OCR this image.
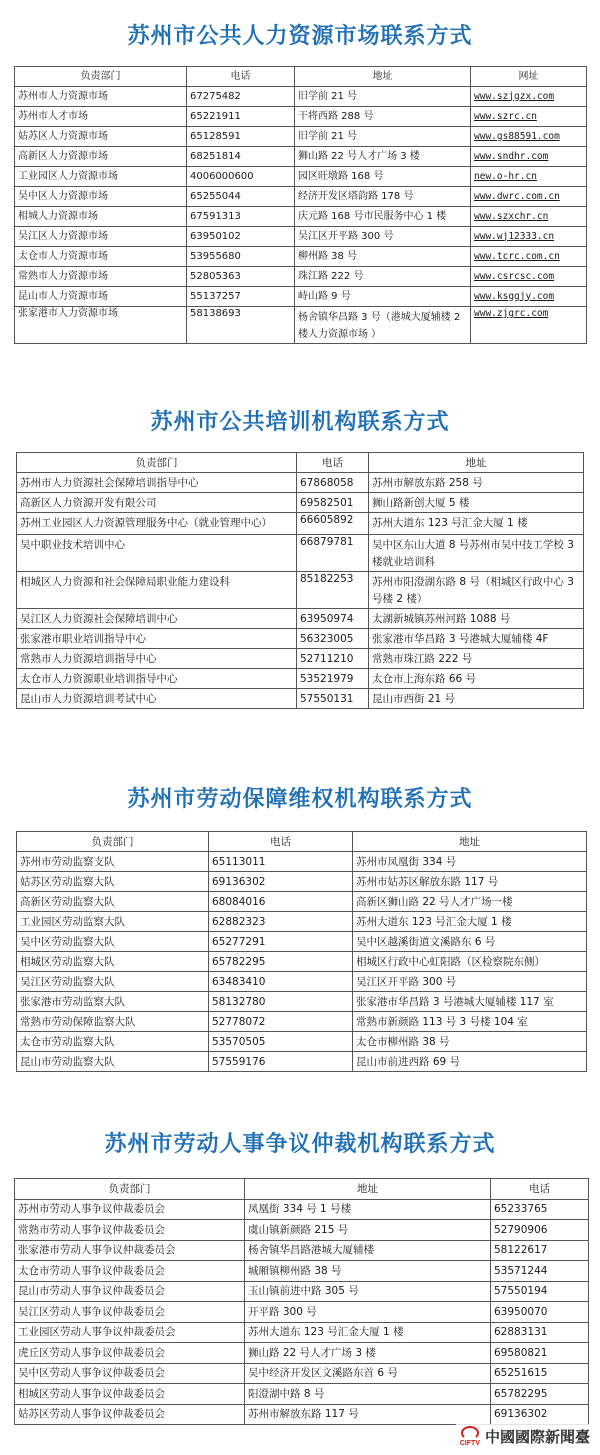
苏州市公共人力资源市场联系方式
负责部门	电话	地址	网址
苏州市人力资源市场	67275482	旧学前 21 号	www.szjgzx.com
苏州市人才市场	65221911	干将西路 288 号	www.szrc.cn
姑苏区人力资源市场	65128591	旧学前 21 号	www.gs88591.com
高新区人力资源市场	68251814	狮山路 22 号人才广场 3 楼	www.sndhr.com
工业园区人力资源市场	4006000600	园区旺墩路 168 号	new.o-hr.cn
吴中区人力资源市场	65255044	经济开发区塔韵路 178 号	www.dwrc.com.cn
相城人力资源市场	67591313	庆元路 168 号市民服务中心 1 楼	www.szxchr.cn
吴江区人力资源市场	63950102	吴江区开平路 300 号	www.wj12333.cn
太仓市人力资源市场	53955680	柳州路 38 号	www.tcrc.com.cn
常熟市人力资源市场	52805363	珠江路 222 号	www.csrcsc.com
昆山市人力资源市场	55137257	峙山路 9 号	www.ksggjy.com
张家港市人力资源市场	58138693	杨舍镇华昌路 3 号（港城大厦辅楼 2 楼人力资源市场 ）	www.zjgrc.com
苏州市公共培训机构联系方式
负责部门	电话	地址
苏州市人力资源社会保障培训指导中心	67868058	苏州市解放东路 258 号
高新区人力资源开发有限公司	69582501	狮山路新创大厦 5 楼
苏州工业园区人力资源管理服务中心（就业管理中心）	66605892	苏州大道东 123 号汇金大厦 1 楼
吴中职业技术培训中心	66879781	吴中区东山大道 8 号苏州市吴中技工学校 3 楼就业培训科
相城区人力资源和社会保障局职业能力建设科	85182253	苏州市阳澄湖东路 8 号（相城区行政中心 3 号楼 2 楼）
吴江区人力资源社会保障培训中心	63950974	太湖新城镇苏州河路 1088 号
张家港市职业培训指导中心	56323005	张家港市华昌路 3 号港城大厦辅楼 4F
常熟市人力资源培训指导中心	52711210	常熟市珠江路 222 号
太仓市人力资源职业培训指导中心	53521979	太仓市上海东路 66 号
昆山市人力资源培训考试中心	57550131	昆山市西街 21 号
苏州市劳动保障维权机构联系方式
负责部门	电话	地址
苏州市劳动监察支队	65113011	苏州市凤凰街 334 号
姑苏区劳动监察大队	69136302	苏州市姑苏区解放东路 117 号
高新区劳动监察大队	68084016	高新区狮山路 22 号人才广场一楼
工业园区劳动监察大队	62882323	苏州大道东 123 号汇金大厦 1 楼
吴中区劳动监察大队	65277291	吴中区越溪街道文溪路东 6 号
相城区劳动监察大队	65782295	相城区行政中心虹阳路（区检察院东侧）
吴江区劳动监察大队	63483410	吴江区开平路 300 号
张家港市劳动监察大队	58132780	张家港市华昌路 3 号港城大厦辅楼 117 室
常熟市劳动保障监察大队	52778072	常熟市新颜路 113 号 3 号楼 104 室
太仓市劳动监察大队	53570505	太仓市柳州路 38 号
昆山市劳动监察大队	57559176	昆山市前进西路 69 号
苏州市劳动人事争议仲裁机构联系方式
负责部门	地址	电话
苏州市劳动人事争议仲裁委员会	凤凰街 334 号 1 号楼	65233765
常熟市劳动人事争议仲裁委员会	虞山镇新颜路 215 号	52790906
张家港市劳动人事争议仲裁委员会	杨舍镇华昌路港城大厦辅楼	58122617
太仓市劳动人事争议仲裁委员会	城厢镇柳州路 38 号	53571244
昆山市劳动人事争议仲裁委员会	玉山镇前进中路 305 号	57550194
吴江区劳动人事争议仲裁委员会	开平路 300 号	63950070
工业园区劳动人事争议仲裁委员会	苏州大道东 123 号汇金大厦 1 楼	62883131
虎丘区劳动人事争议仲裁委员会	狮山路 22 号人才广场 3 楼	69580821
吴中区劳动人事争议仲裁委员会	吴中经济开发区文溪路东首 6 号	65251615
相城区劳动人事争议仲裁委员会	阳澄湖中路 8 号	65782295
姑苏区劳动人事争议仲裁委员会	苏州市解放东路 117 号	69136302
CIFTV 中國國際新聞臺
